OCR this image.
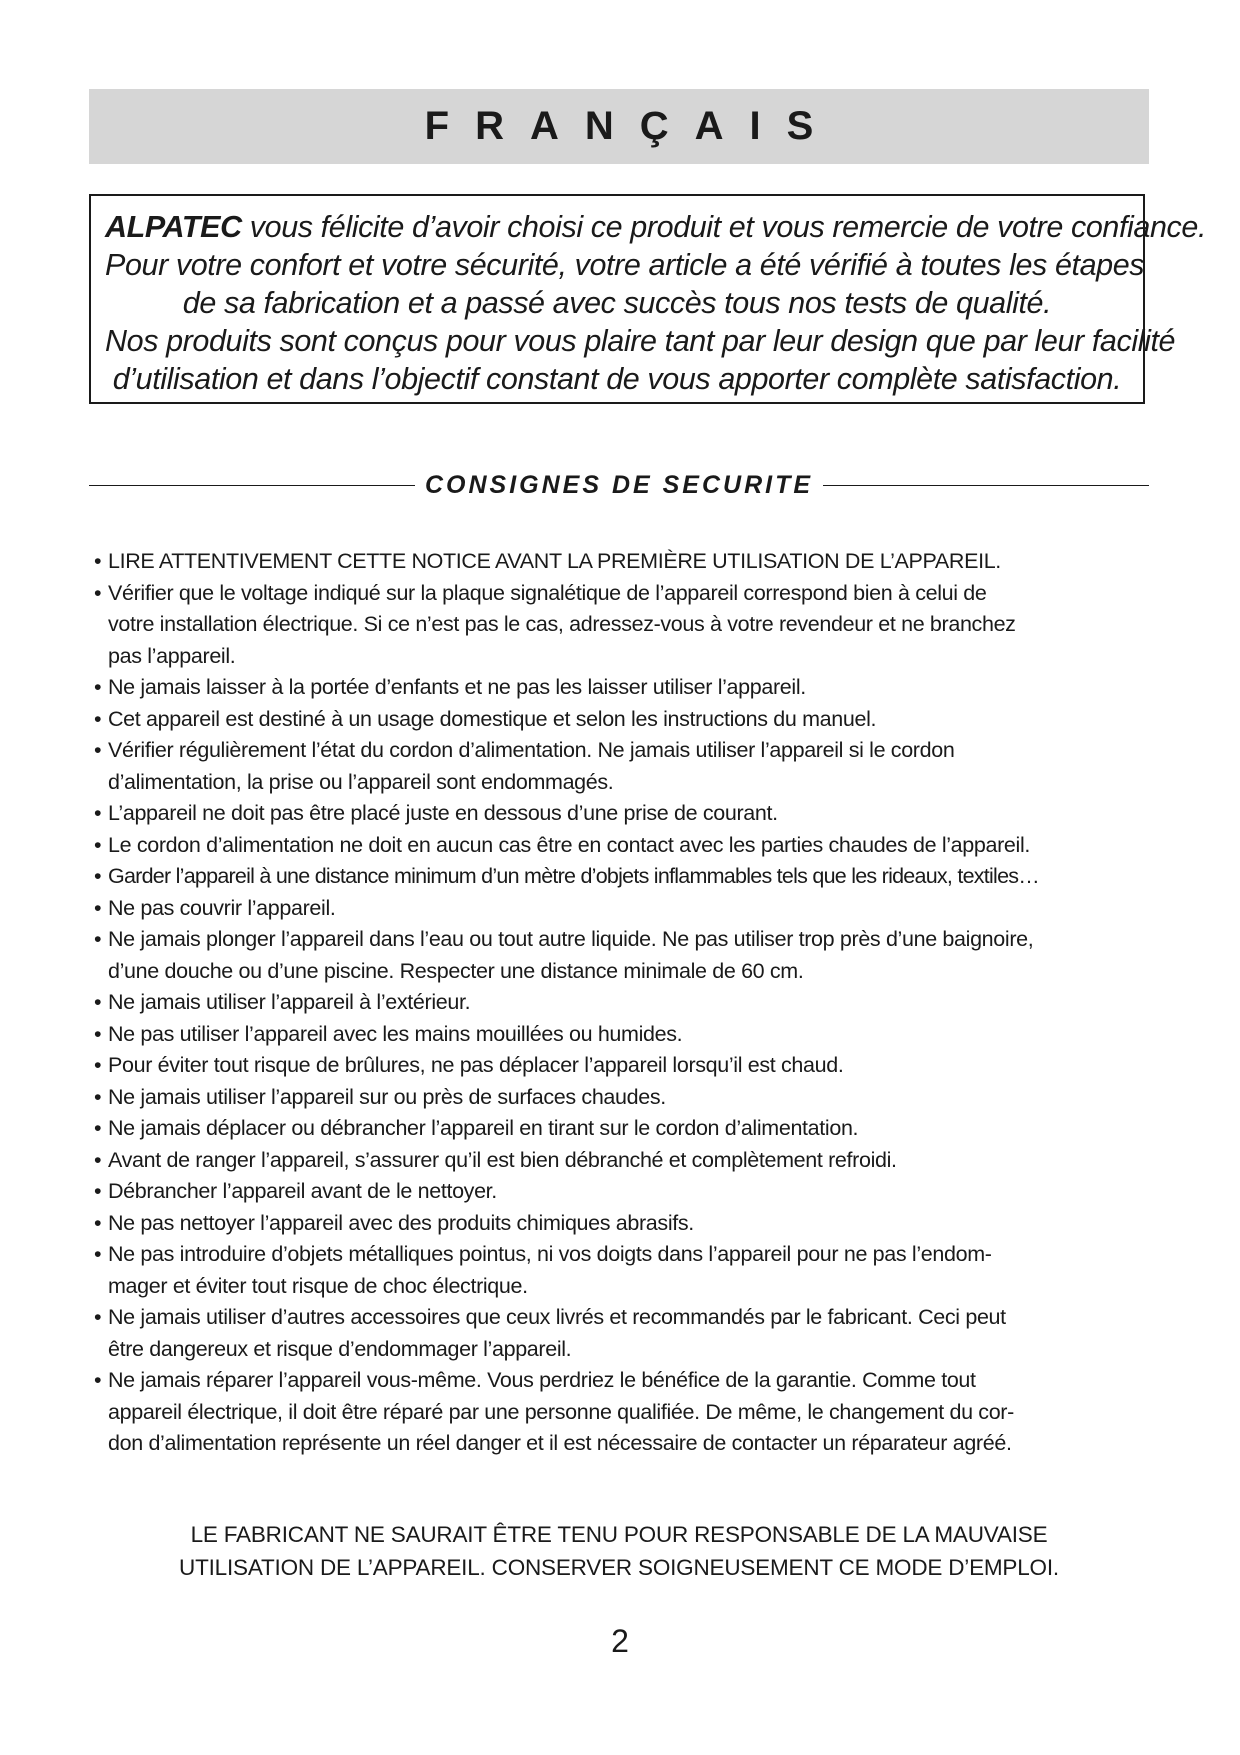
FRANÇAIS
ALPATEC vous félicite d’avoir choisi ce produit et vous remercie de votre confiance.
Pour votre confort et votre sécurité, votre article a été vérifié à toutes les étapes
de sa fabrication et a passé avec succès tous nos tests de qualité.
Nos produits sont conçus pour vous plaire tant par leur design que par leur facilité
d’utilisation et dans l’objectif constant de vous apporter complète satisfaction.
CONSIGNES DE SECURITE
• LIRE ATTENTIVEMENT CETTE NOTICE AVANT LA PREMIÈRE UTILISATION DE L’APPAREIL.
• Vérifier que le voltage indiqué sur la plaque signalétique de l’appareil correspond bien à celui de
votre installation électrique. Si ce n’est pas le cas, adressez-vous à votre revendeur et ne branchez
pas l’appareil.
• Ne jamais laisser à la portée d’enfants et ne pas les laisser utiliser l’appareil.
• Cet appareil est destiné à un usage domestique et selon les instructions du manuel.
• Vérifier régulièrement l’état du cordon d’alimentation. Ne jamais utiliser l’appareil si le cordon
d’alimentation, la prise ou l’appareil sont endommagés.
• L’appareil ne doit pas être placé juste en dessous d’une prise de courant.
• Le cordon d’alimentation ne doit en aucun cas être en contact avec les parties chaudes de l’appareil.
• Garder l’appareil à une distance minimum d’un mètre d’objets inflammables tels que les rideaux, textiles…
• Ne pas couvrir l’appareil.
• Ne jamais plonger l’appareil dans l’eau ou tout autre liquide. Ne pas utiliser trop près d’une baignoire,
d’une douche ou d’une piscine. Respecter une distance minimale de 60 cm.
• Ne jamais utiliser l’appareil à l’extérieur.
• Ne pas utiliser l’appareil avec les mains mouillées ou humides.
• Pour éviter tout risque de brûlures, ne pas déplacer l’appareil lorsqu’il est chaud.
• Ne jamais utiliser l’appareil sur ou près de surfaces chaudes.
• Ne jamais déplacer ou débrancher l’appareil en tirant sur le cordon d’alimentation.
• Avant de ranger l’appareil, s’assurer qu’il est bien débranché et complètement refroidi.
• Débrancher l’appareil avant de le nettoyer.
• Ne pas nettoyer l’appareil avec des produits chimiques abrasifs.
• Ne pas introduire d’objets métalliques pointus, ni vos doigts dans l’appareil pour ne pas l’endom-
mager et éviter tout risque de choc électrique.
• Ne jamais utiliser d’autres accessoires que ceux livrés et recommandés par le fabricant. Ceci peut
être dangereux et risque d’endommager l’appareil.
• Ne jamais réparer l’appareil vous-même. Vous perdriez le bénéfice de la garantie. Comme tout
appareil électrique, il doit être réparé par une personne qualifiée. De même, le changement du cor-
don d’alimentation représente un réel danger et il est nécessaire de contacter un réparateur agréé.
LE FABRICANT NE SAURAIT ÊTRE TENU POUR RESPONSABLE DE LA MAUVAISE
UTILISATION DE L’APPAREIL. CONSERVER SOIGNEUSEMENT CE MODE D’EMPLOI.
2
